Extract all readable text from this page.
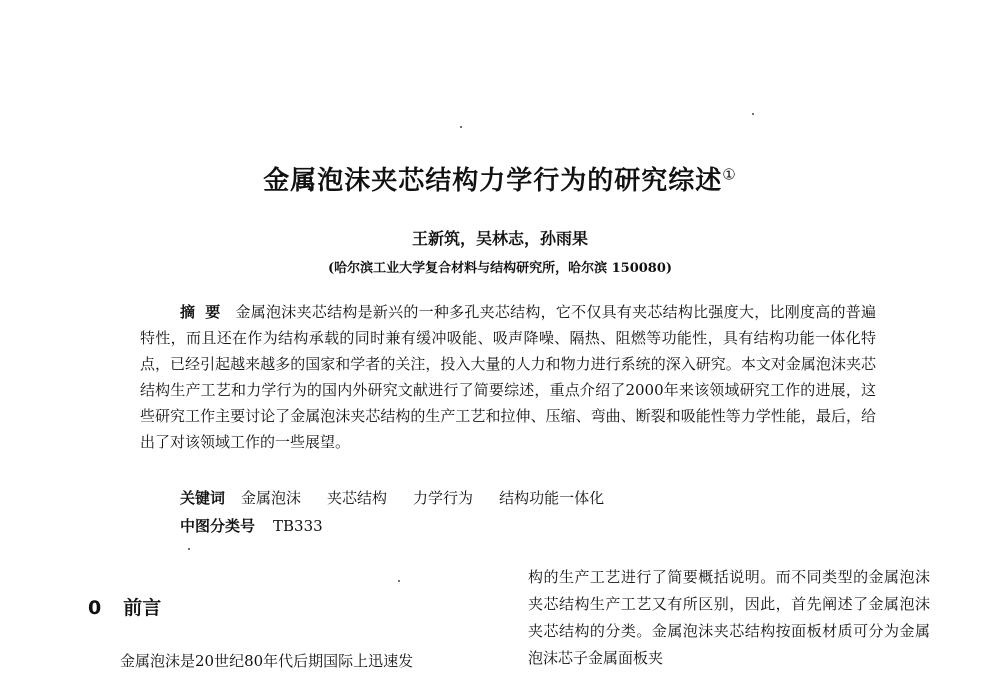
金属泡沫夹芯结构力学行为的研究综述①
王新筑，吴林志，孙雨果
(哈尔滨工业大学复合材料与结构研究所，哈尔滨 150080)

摘要 金属泡沫夹芯结构是新兴的一种多孔夹芯结构，它不仅具有夹芯结构比强度大，比刚度高的普遍特性，而且还在作为结构承载的同时兼有缓冲吸能、吸声降噪、隔热、阻燃等功能性，具有结构功能一体化特点，已经引起越来越多的国家和学者的关注，投入大量的人力和物力进行系统的深入研究。本文对金属泡沫夹芯结构生产工艺和力学行为的国内外研究文献进行了简要综述，重点介绍了2000年来该领域研究工作的进展，这些研究工作主要讨论了金属泡沫夹芯结构的生产工艺和拉伸、压缩、弯曲、断裂和吸能性等力学性能，最后，给出了对该领域工作的一些展望。

关键词 金属泡沫 夹芯结构 力学行为 结构功能一体化
中图分类号 TB333
0 前言

金属泡沫是20世纪80年代后期国际上迅速发

构的生产工艺进行了简要概括说明。而不同类型的金属泡沫夹芯结构生产工艺又有所区别，因此，首先阐述了金属泡沫夹芯结构的分类。金属泡沫夹芯结构按面板材质可分为金属泡沫芯子金属面板夹
